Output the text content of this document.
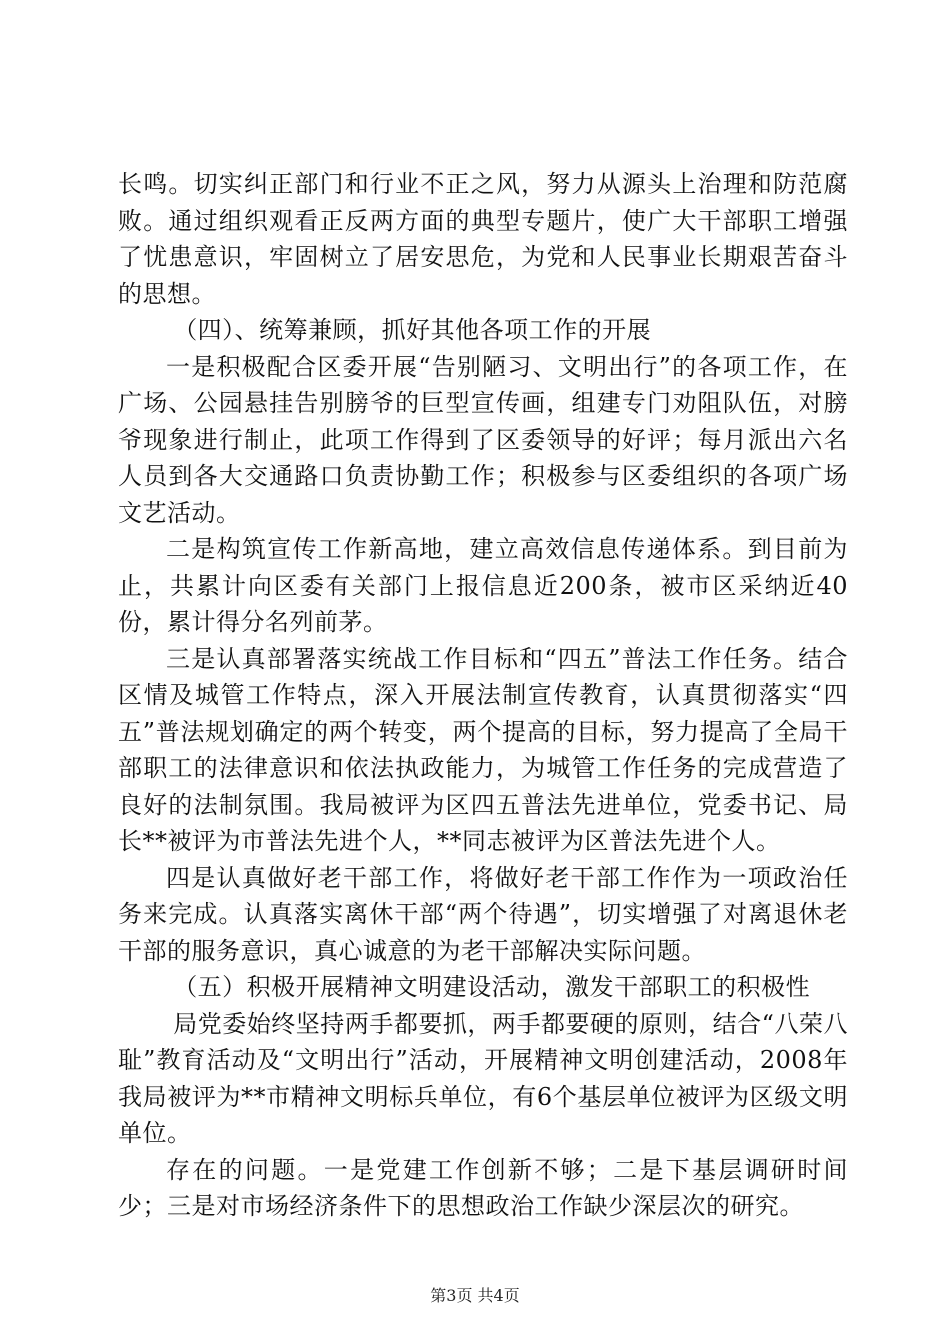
长鸣。切实纠正部门和行业不正之风，努力从源头上治理和防范腐败。通过组织观看正反两方面的典型专题片，使广大干部职工增强了忧患意识，牢固树立了居安思危，为党和人民事业长期艰苦奋斗的思想。

（四）、统筹兼顾，抓好其他各项工作的开展

一是积极配合区委开展“告别陋习、文明出行”的各项工作，在广场、公园悬挂告别膀爷的巨型宣传画，组建专门劝阻队伍，对膀爷现象进行制止，此项工作得到了区委领导的好评；每月派出六名人员到各大交通路口负责协勤工作；积极参与区委组织的各项广场文艺活动。

二是构筑宣传工作新高地，建立高效信息传递体系。到目前为止，共累计向区委有关部门上报信息近200条，被市区采纳近40份，累计得分名列前茅。

三是认真部署落实统战工作目标和“四五”普法工作任务。结合区情及城管工作特点，深入开展法制宣传教育，认真贯彻落实“四五”普法规划确定的两个转变，两个提高的目标，努力提高了全局干部职工的法律意识和依法执政能力，为城管工作任务的完成营造了良好的法制氛围。我局被评为区四五普法先进单位，党委书记、局长**被评为市普法先进个人，**同志被评为区普法先进个人。

四是认真做好老干部工作，将做好老干部工作作为一项政治任务来完成。认真落实离休干部“两个待遇”，切实增强了对离退休老干部的服务意识，真心诚意的为老干部解决实际问题。

（五）积极开展精神文明建设活动，激发干部职工的积极性

局党委始终坚持两手都要抓，两手都要硬的原则，结合“八荣八耻”教育活动及“文明出行”活动，开展精神文明创建活动，2008年我局被评为**市精神文明标兵单位，有6个基层单位被评为区级文明单位。

存在的问题。一是党建工作创新不够；二是下基层调研时间少；三是对市场经济条件下的思想政治工作缺少深层次的研究。

第3页 共4页
